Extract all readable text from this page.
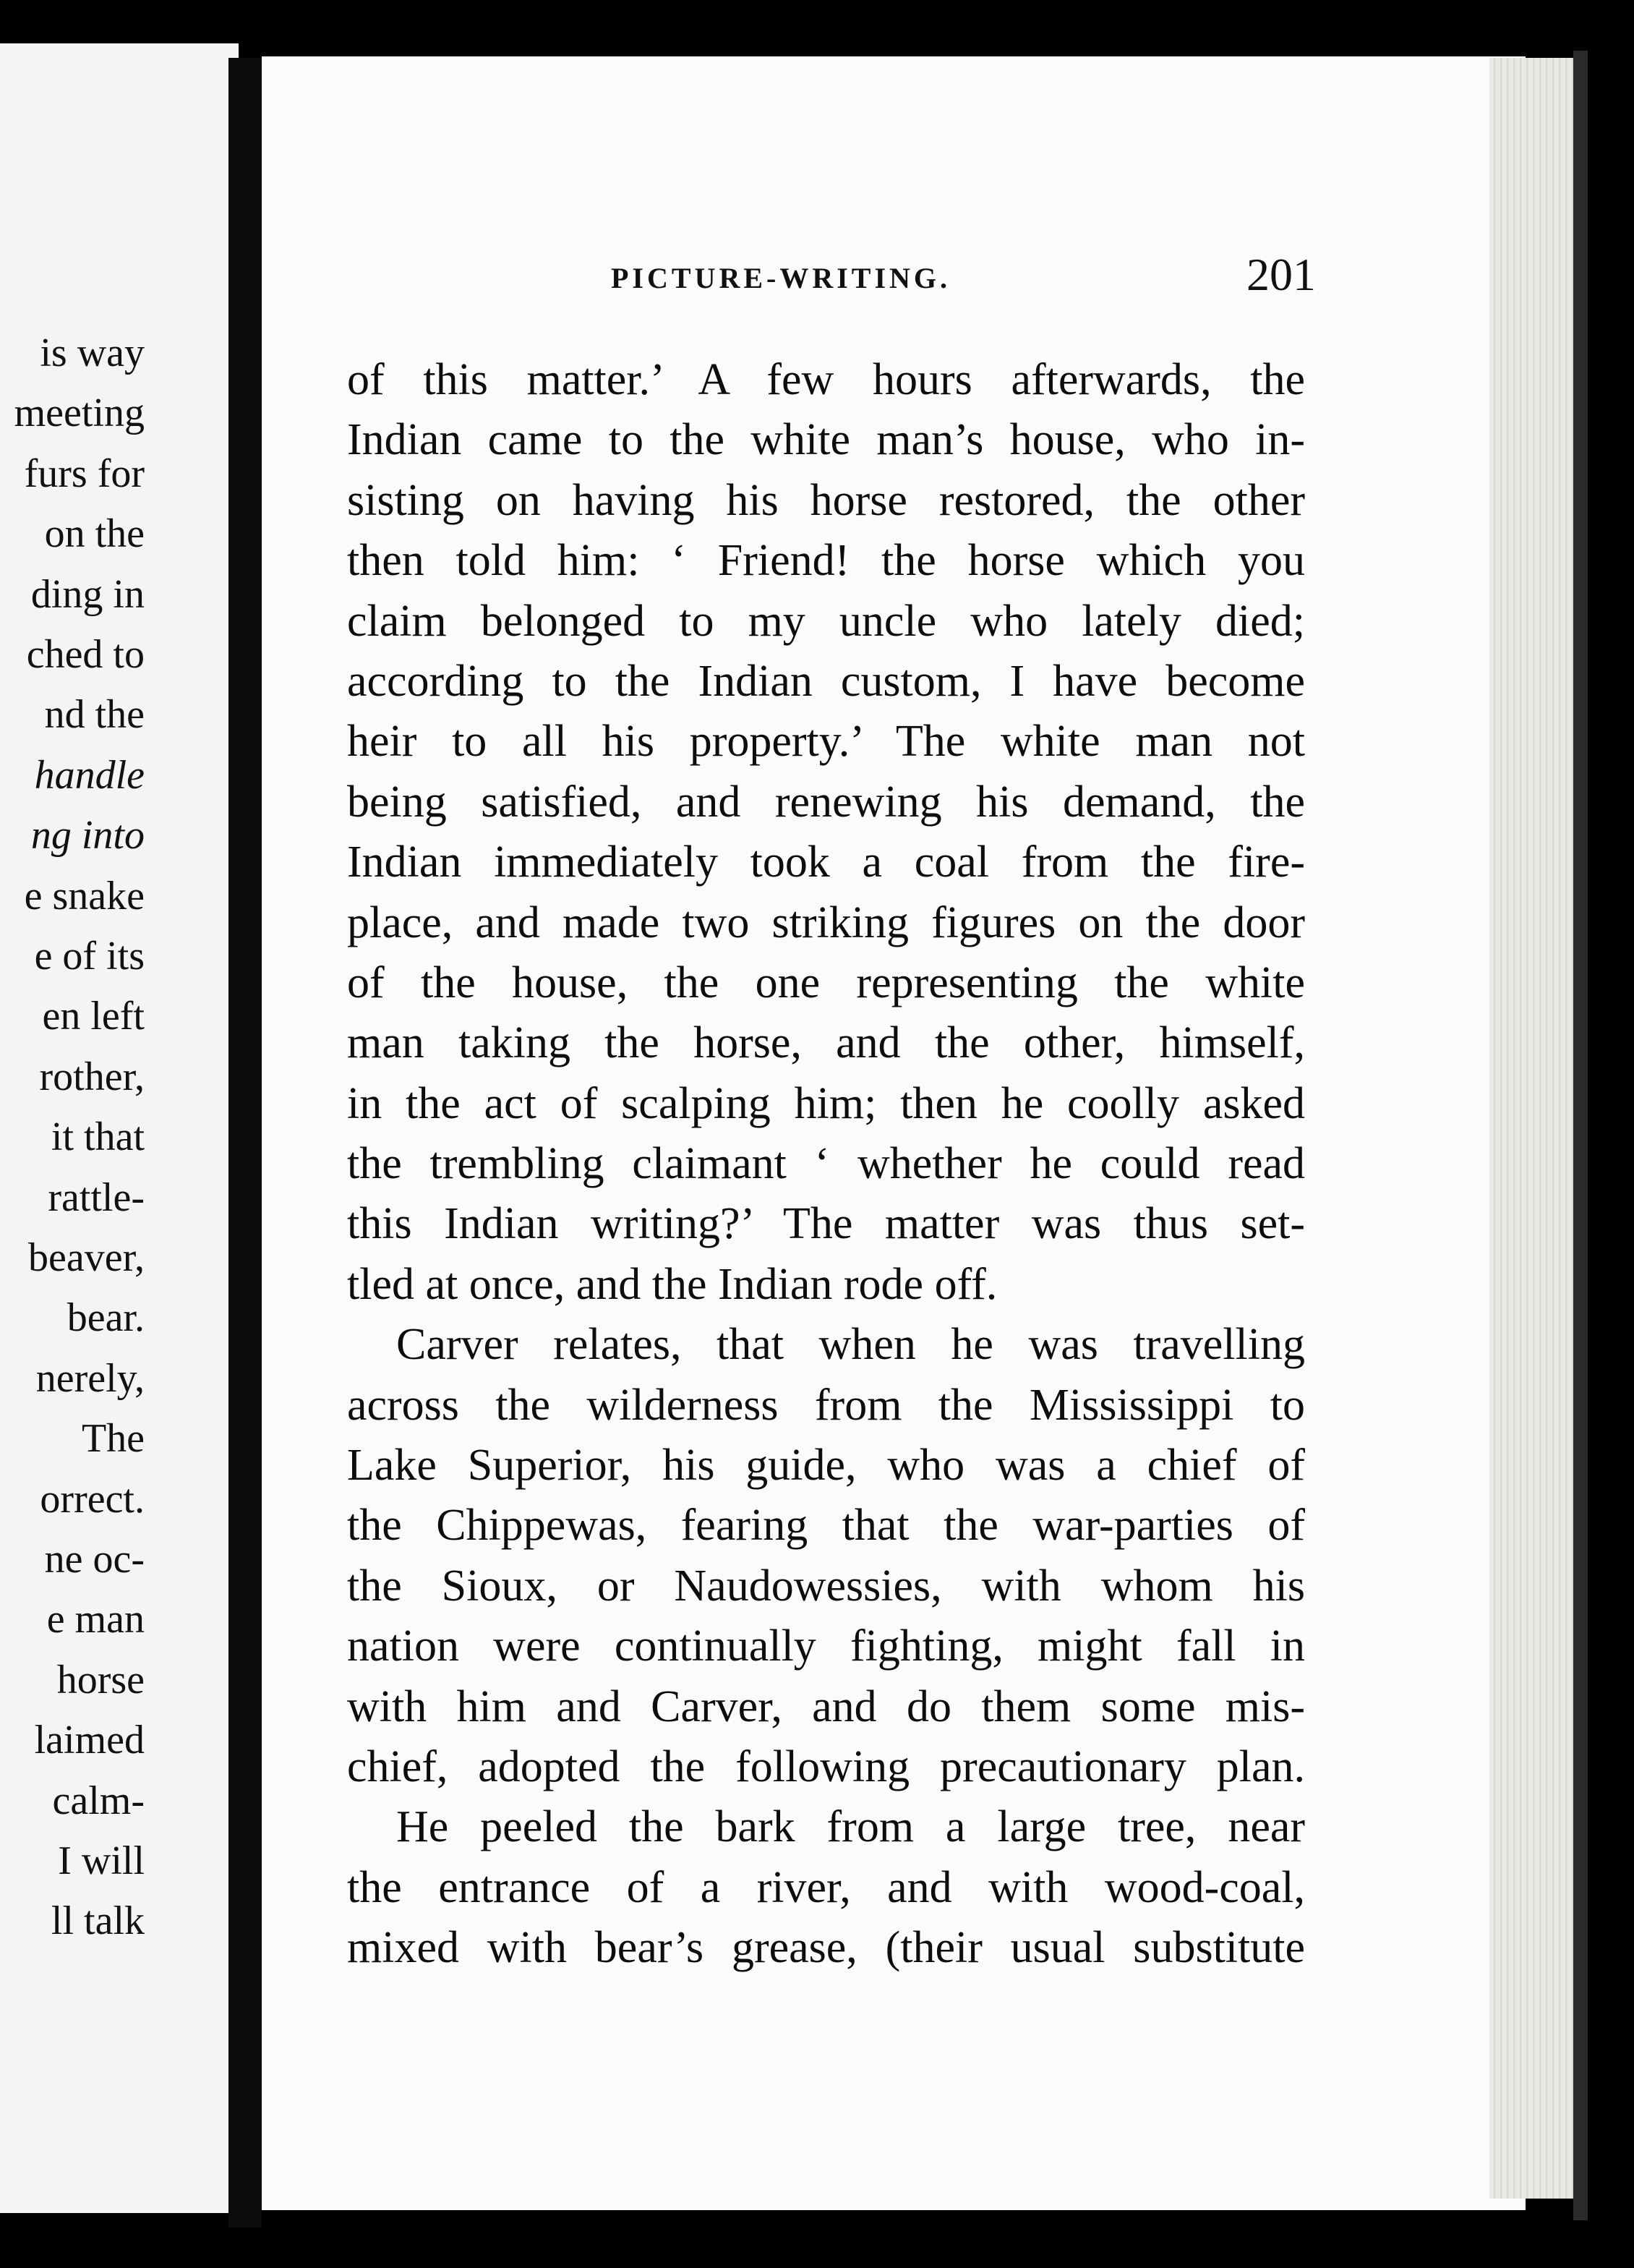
is way
meeting
furs for
on the
ding in
ched to
nd the
handle
ng into
e snake
e of its
en left
rother,
it that
rattle-
beaver,
bear.
nerely,
The
orrect.
ne oc-
e man
horse
laimed
calm-
I will
ll talk
PICTURE-WRITING.	201
of this matter.’ A few hours afterwards, the
Indian came to the white man’s house, who in-
sisting on having his horse restored, the other
then told him: ‘ Friend! the horse which you
claim belonged to my uncle who lately died;
according to the Indian custom, I have become
heir to all his property.’ The white man not
being satisfied, and renewing his demand, the
Indian immediately took a coal from the fire-
place, and made two striking figures on the door
of the house, the one representing the white
man taking the horse, and the other, himself,
in the act of scalping him; then he coolly asked
the trembling claimant ‘ whether he could read
this Indian writing?’ The matter was thus set-
tled at once, and the Indian rode off.
Carver relates, that when he was travelling
across the wilderness from the Mississippi to
Lake Superior, his guide, who was a chief of
the Chippewas, fearing that the war-parties of
the Sioux, or Naudowessies, with whom his
nation were continually fighting, might fall in
with him and Carver, and do them some mis-
chief, adopted the following precautionary plan.
He peeled the bark from a large tree, near
the entrance of a river, and with wood-coal,
mixed with bear’s grease, (their usual substitute
